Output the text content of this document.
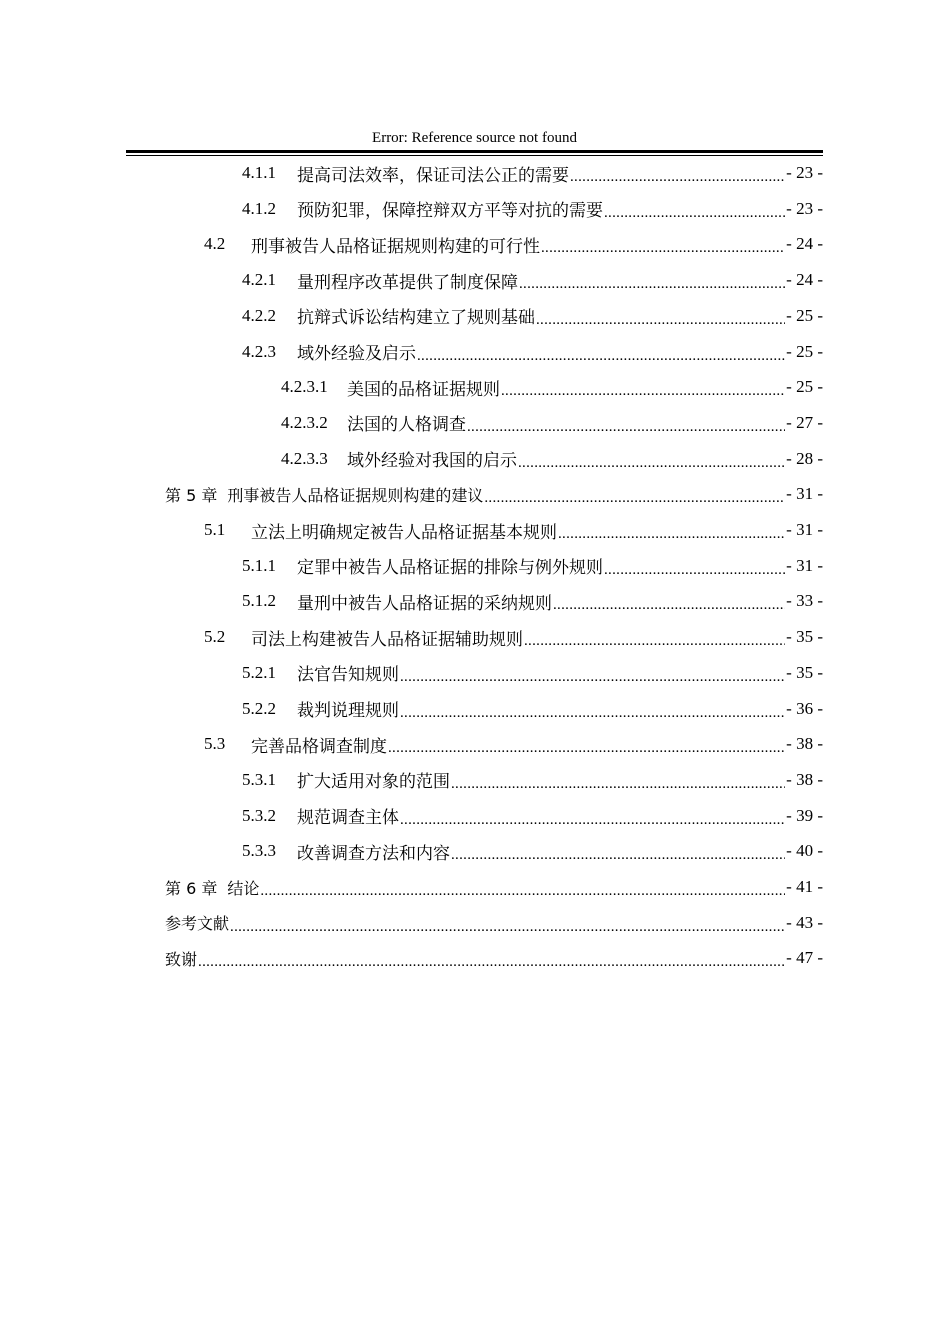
Error: Reference source not found
4.1.1	提高司法效率，保证司法公正的需要 .....	- 23 -
4.1.2	预防犯罪，保障控辩双方平等对抗的需要 .....	- 23 -
4.2	刑事被告人品格证据规则构建的可行性 .....	- 24 -
4.2.1	量刑程序改革提供了制度保障 .....	- 24 -
4.2.2	抗辩式诉讼结构建立了规则基础 .....	- 25 -
4.2.3	域外经验及启示 .....	- 25 -
4.2.3.1	美国的品格证据规则 .....	- 25 -
4.2.3.2	法国的人格调查 .....	- 27 -
4.2.3.3	域外经验对我国的启示 .....	- 28 -
第 5 章 刑事被告人品格证据规则构建的建议 .....	- 31 -
5.1	立法上明确规定被告人品格证据基本规则 .....	- 31 -
5.1.1	定罪中被告人品格证据的排除与例外规则 .....	- 31 -
5.1.2	量刑中被告人品格证据的采纳规则 .....	- 33 -
5.2	司法上构建被告人品格证据辅助规则 .....	- 35 -
5.2.1	法官告知规则 .....	- 35 -
5.2.2	裁判说理规则 .....	- 36 -
5.3	完善品格调查制度 .....	- 38 -
5.3.1	扩大适用对象的范围 .....	- 38 -
5.3.2	规范调查主体 .....	- 39 -
5.3.3	改善调查方法和内容 .....	- 40 -
第 6 章 结论 .....	- 41 -
参考文献 .....	- 43 -
致谢 .....	- 47 -
